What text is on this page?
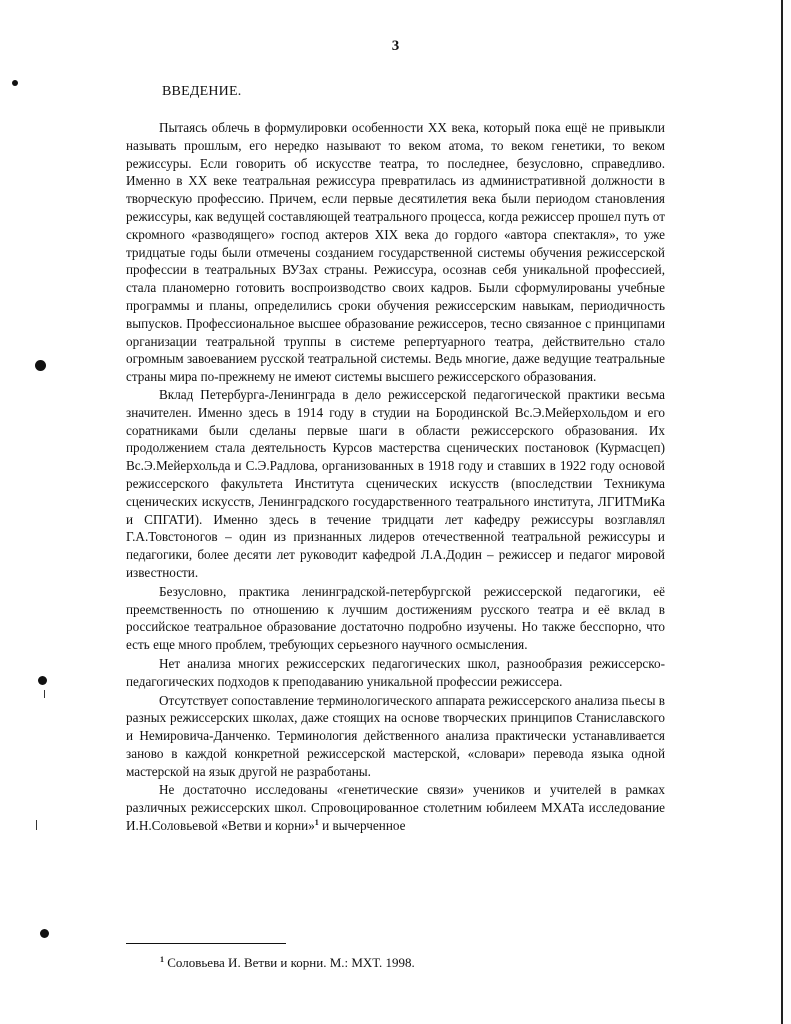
3
ВВЕДЕНИЕ.

Пытаясь облечь в формулировки особенности XX века, который пока ещё не привыкли называть прошлым, его нередко называют то веком атома, то веком генетики, то веком режиссуры. Если говорить об искусстве театра, то последнее, безусловно, справедливо. Именно в XX веке театральная режиссура превратилась из административной должности в творческую профессию. Причем, если первые десятилетия века были периодом становления режиссуры, как ведущей составляющей театрального процесса, когда режиссер прошел путь от скромного «разводящего» господ актеров XIX века до гордого «автора спектакля», то уже тридцатые годы были отмечены созданием государственной системы обучения режиссерской профессии в театральных ВУЗах страны. Режиссура, осознав себя уникальной профессией, стала планомерно готовить воспроизводство своих кадров. Были сформулированы учебные программы и планы, определились сроки обучения режиссерским навыкам, периодичность выпусков. Профессиональное высшее образование режиссеров, тесно связанное с принципами организации театральной труппы в системе репертуарного театра, действительно стало огромным завоеванием русской театральной системы. Ведь многие, даже ведущие театральные страны мира по-прежнему не имеют системы высшего режиссерского образования.

Вклад Петербурга-Ленинграда в дело режиссерской педагогической практики весьма значителен. Именно здесь в 1914 году в студии на Бородинской Вс.Э.Мейерхольдом и его соратниками были сделаны первые шаги в области режиссерского образования. Их продолжением стала деятельность Курсов мастерства сценических постановок (Курмасцеп) Вс.Э.Мейерхольда и С.Э.Радлова, организованных в 1918 году и ставших в 1922 году основой режиссерского факультета Института сценических искусств (впоследствии Техникума сценических искусств, Ленинградского государственного театрального института, ЛГИТМиКа и СПГАТИ). Именно здесь в течение тридцати лет кафедру режиссуры возглавлял Г.А.Товстоногов – один из признанных лидеров отечественной театральной режиссуры и педагогики, более десяти лет руководит кафедрой Л.А.Додин – режиссер и педагог мировой известности.

Безусловно, практика ленинградской-петербургской режиссерской педагогики, её преемственность по отношению к лучшим достижениям русского театра и её вклад в российское театральное образование достаточно подробно изучены. Но также бесспорно, что есть еще много проблем, требующих серьезного научного осмысления.

Нет анализа многих режиссерских педагогических школ, разнообразия режиссерско-педагогических подходов к преподаванию уникальной профессии режиссера.

Отсутствует сопоставление терминологического аппарата режиссерского анализа пьесы в разных режиссерских школах, даже стоящих на основе творческих принципов Станиславского и Немировича-Данченко. Терминология действенного анализа практически устанавливается заново в каждой конкретной режиссерской мастерской, «словари» перевода языка одной мастерской на язык другой не разработаны.

Не достаточно исследованы «генетические связи» учеников и учителей в рамках различных режиссерских школ. Спровоцированное столетним юбилеем МХАТа исследование И.Н.Соловьевой «Ветви и корни»$^1$ и вычерченное

$^1$ Соловьева И. Ветви и корни. М.: МХТ. 1998.
